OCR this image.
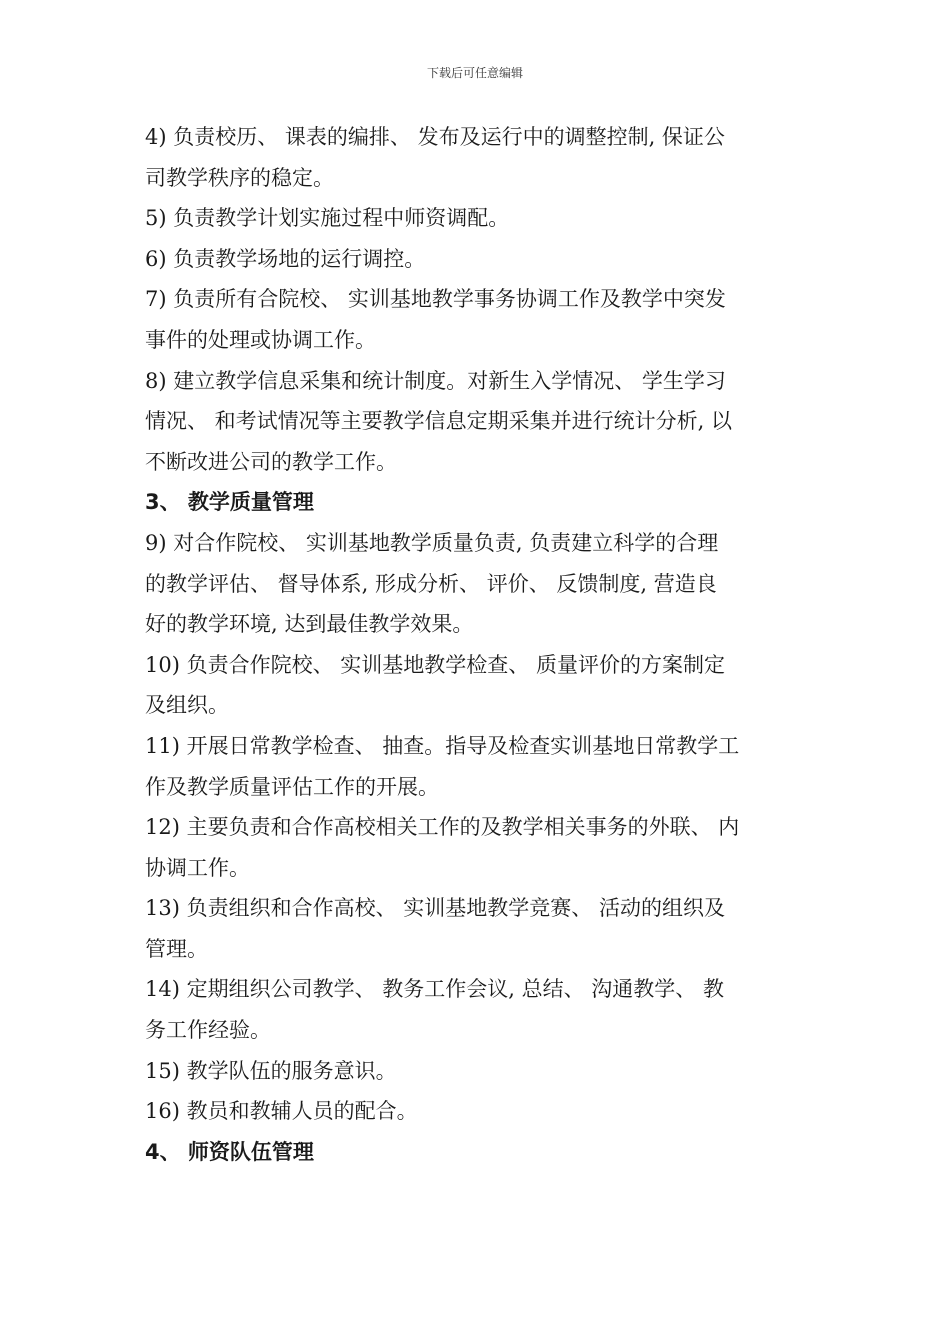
下载后可任意编辑
4) 负责校历、 课表的编排、 发布及运行中的调整控制, 保证公
司教学秩序的稳定。
5) 负责教学计划实施过程中师资调配。
6) 负责教学场地的运行调控。
7) 负责所有合院校、 实训基地教学事务协调工作及教学中突发
事件的处理或协调工作。
8) 建立教学信息采集和统计制度。对新生入学情况、 学生学习
情况、 和考试情况等主要教学信息定期采集并进行统计分析, 以
不断改进公司的教学工作。
3、 教学质量管理
9) 对合作院校、 实训基地教学质量负责, 负责建立科学的合理
的教学评估、 督导体系, 形成分析、 评价、 反馈制度, 营造良
好的教学环境, 达到最佳教学效果。
10) 负责合作院校、 实训基地教学检查、 质量评价的方案制定
及组织。
11) 开展日常教学检查、 抽查。指导及检查实训基地日常教学工
作及教学质量评估工作的开展。
12) 主要负责和合作高校相关工作的及教学相关事务的外联、 内
协调工作。
13) 负责组织和合作高校、 实训基地教学竞赛、 活动的组织及
管理。
14) 定期组织公司教学、 教务工作会议, 总结、 沟通教学、 教
务工作经验。
15) 教学队伍的服务意识。
16) 教员和教辅人员的配合。
4、 师资队伍管理
